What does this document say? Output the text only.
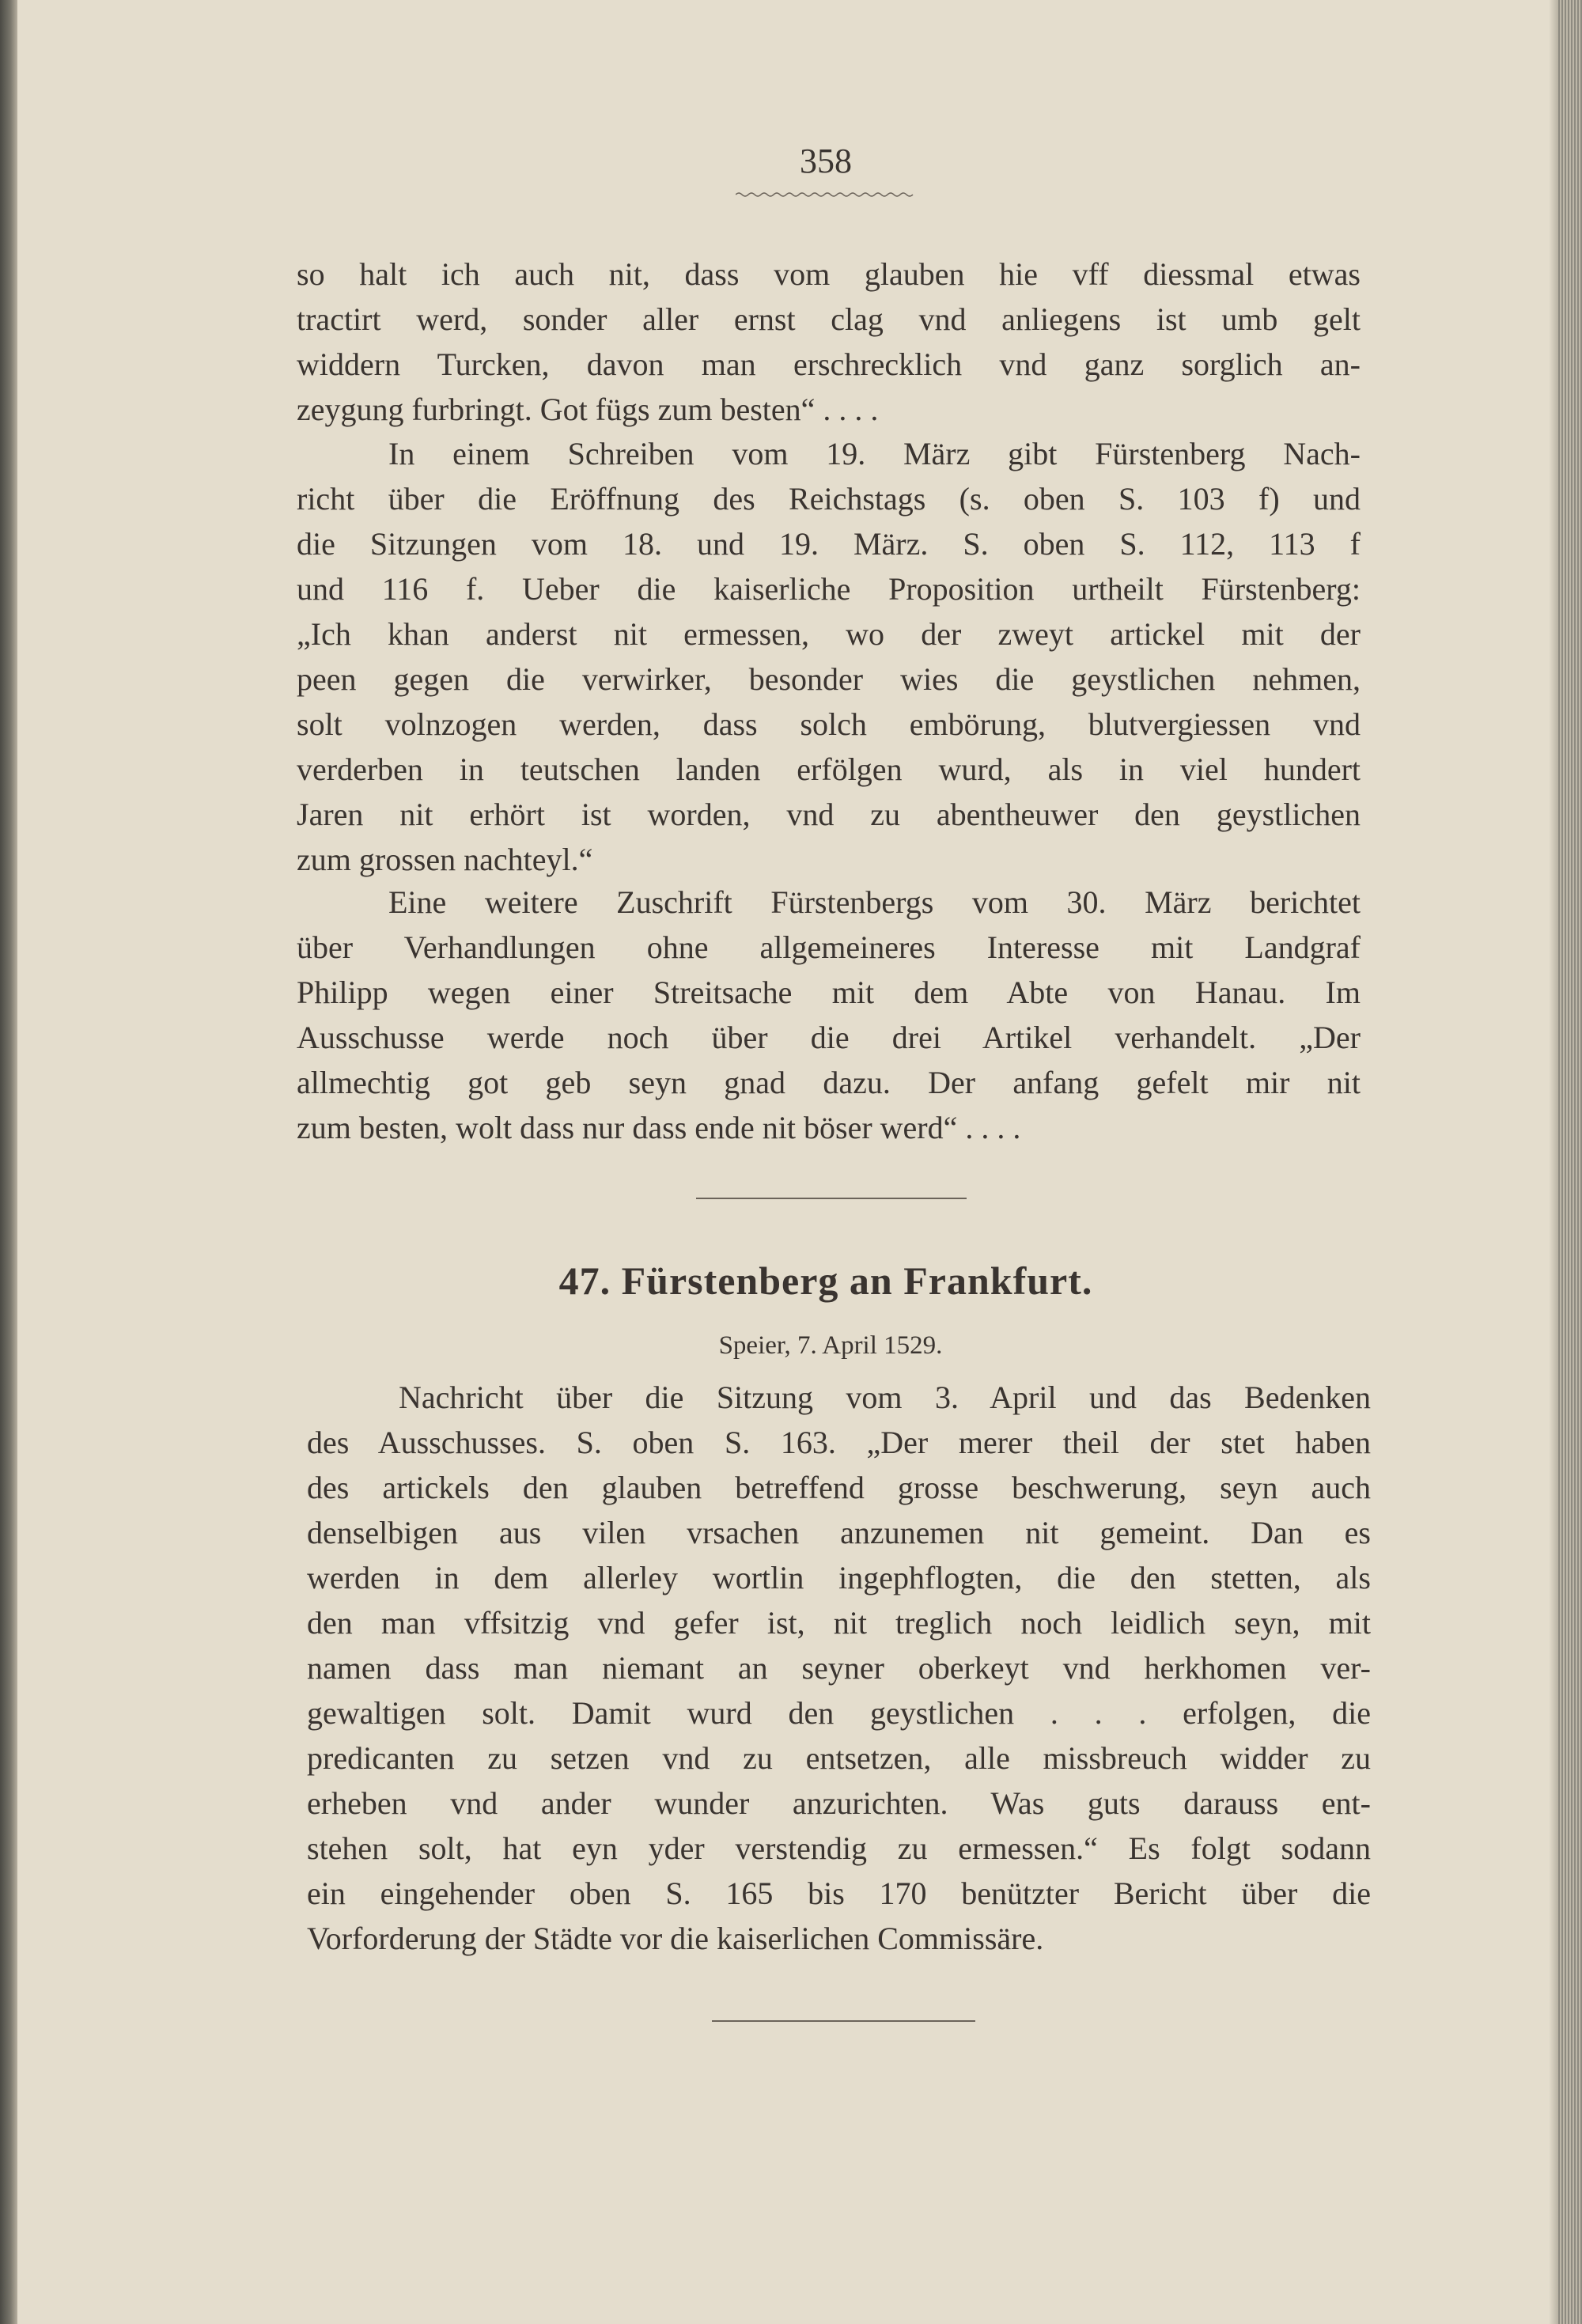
358
so halt ich auch nit, dass vom glauben hie vff diessmal etwas
tractirt werd, sonder aller ernst clag vnd anliegens ist umb gelt
widdern Turcken, davon man erschrecklich vnd ganz sorglich an-
zeygung furbringt. Got fügs zum besten“ . . . .
In einem Schreiben vom 19. März gibt Fürstenberg Nach-
richt über die Eröffnung des Reichstags (s. oben S. 103 f) und
die Sitzungen vom 18. und 19. März. S. oben S. 112, 113 f
und 116 f. Ueber die kaiserliche Proposition urtheilt Fürstenberg:
„Ich khan anderst nit ermessen, wo der zweyt artickel mit der
peen gegen die verwirker, besonder wies die geystlichen nehmen,
solt volnzogen werden, dass solch embörung, blutvergiessen vnd
verderben in teutschen landen erfölgen wurd, als in viel hundert
Jaren nit erhört ist worden, vnd zu abentheuwer den geystlichen
zum grossen nachteyl.“
Eine weitere Zuschrift Fürstenbergs vom 30. März berichtet
über Verhandlungen ohne allgemeineres Interesse mit Landgraf
Philipp wegen einer Streitsache mit dem Abte von Hanau. Im
Ausschusse werde noch über die drei Artikel verhandelt. „Der
allmechtig got geb seyn gnad dazu. Der anfang gefelt mir nit
zum besten, wolt dass nur dass ende nit böser werd“ . . . .
47. Fürstenberg an Frankfurt.
Speier, 7. April 1529.
Nachricht über die Sitzung vom 3. April und das Bedenken
des Ausschusses. S. oben S. 163. „Der merer theil der stet haben
des artickels den glauben betreffend grosse beschwerung, seyn auch
denselbigen aus vilen vrsachen anzunemen nit gemeint. Dan es
werden in dem allerley wortlin ingephflogten, die den stetten, als
den man vffsitzig vnd gefer ist, nit treglich noch leidlich seyn, mit
namen dass man niemant an seyner oberkeyt vnd herkhomen ver-
gewaltigen solt. Damit wurd den geystlichen . . . erfolgen, die
predicanten zu setzen vnd zu entsetzen, alle missbreuch widder zu
erheben vnd ander wunder anzurichten. Was guts darauss ent-
stehen solt, hat eyn yder verstendig zu ermessen.“ Es folgt sodann
ein eingehender oben S. 165 bis 170 benützter Bericht über die
Vorforderung der Städte vor die kaiserlichen Commissäre.
